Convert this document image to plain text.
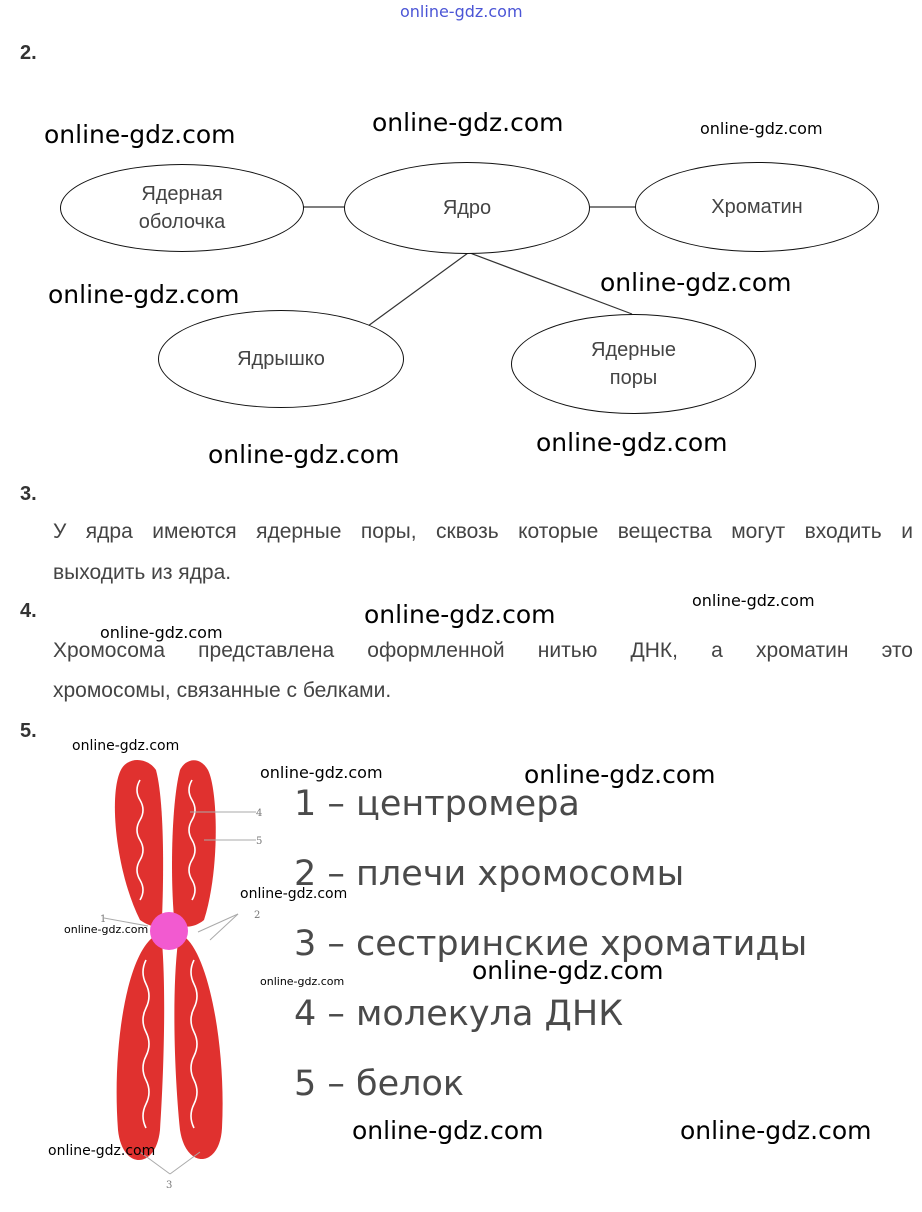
online-gdz.com
2.
Ядерная оболочка
Ядро	Хроматин
Ядрышко	Ядерные поры
online-gdz.com	online-gdz.com	online-gdz.com
online-gdz.com	online-gdz.com
online-gdz.com	online-gdz.com
3.
У ядра имеются ядерные поры, сквозь которые вещества могут входить и
выходить из ядра.
4.	online-gdz.com	online-gdz.com
online-gdz.com
Хромосома представлена оформленной нитью ДНК, а хроматин это
хромосомы, связанные с белками.
5.
4
5
1	2
3
1 – центромера
2 – плечи хромосомы
3 – сестринские хроматиды
4 – молекула ДНК
5 – белок
online-gdz.com
online-gdz.com	online-gdz.com
online-gdz.com
online-gdz.com
online-gdz.com
online-gdz.com
online-gdz.com	online-gdz.com
online-gdz.com
